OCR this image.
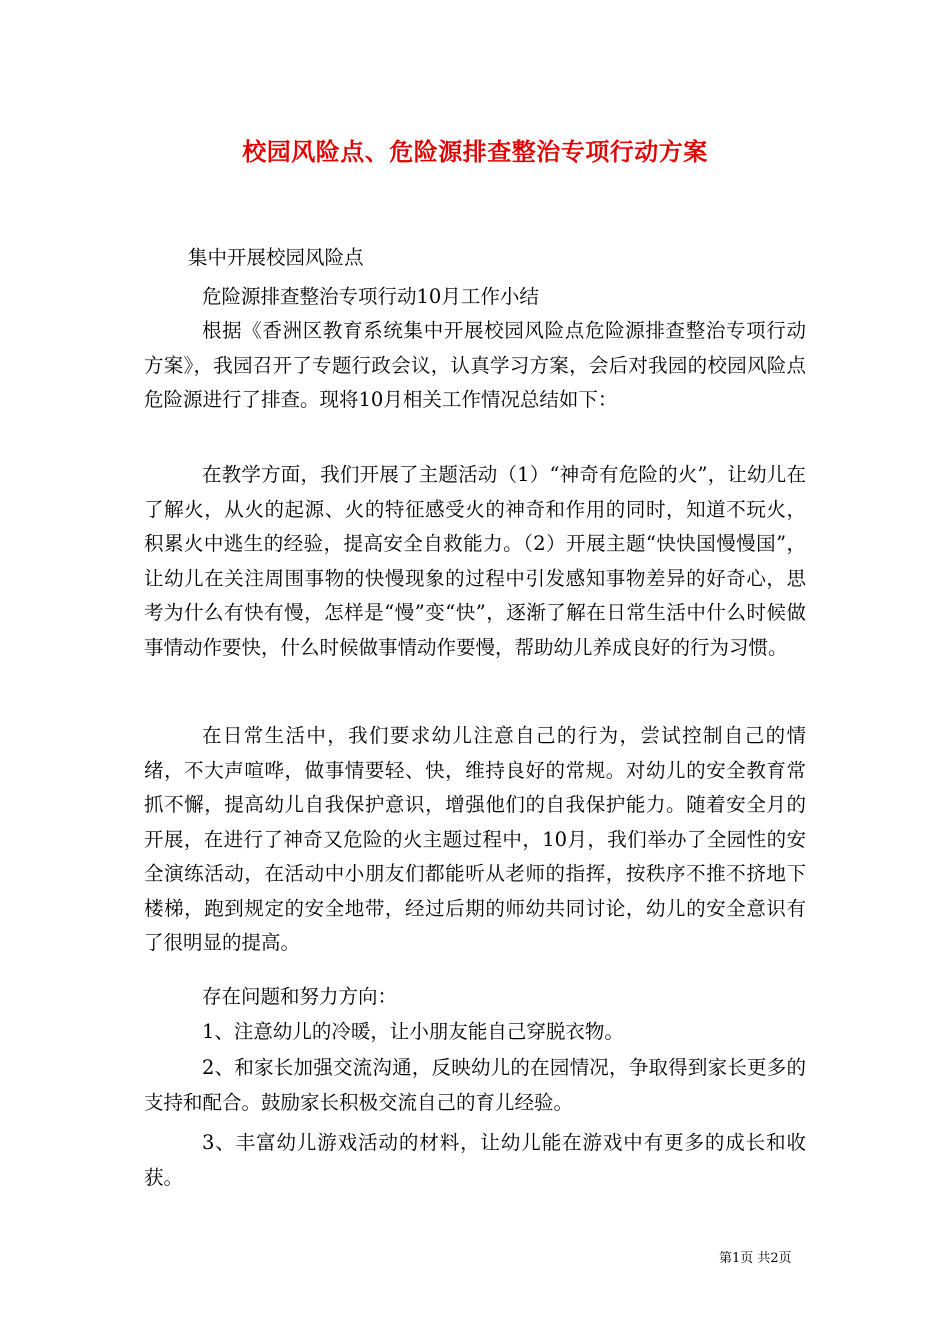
校园风险点、危险源排查整治专项行动方案

集中开展校园风险点

危险源排查整治专项行动10月工作小结

根据《香洲区教育系统集中开展校园风险点危险源排查整治专项行动方案》，我园召开了专题行政会议，认真学习方案，会后对我园的校园风险点危险源进行了排查。现将10月相关工作情况总结如下：

在教学方面，我们开展了主题活动（1）“神奇有危险的火”，让幼儿在了解火，从火的起源、火的特征感受火的神奇和作用的同时，知道不玩火，积累火中逃生的经验，提高安全自救能力。（2）开展主题“快快国慢慢国”，让幼儿在关注周围事物的快慢现象的过程中引发感知事物差异的好奇心，思考为什么有快有慢，怎样是“慢”变“快”，逐渐了解在日常生活中什么时候做事情动作要快，什么时候做事情动作要慢，帮助幼儿养成良好的行为习惯。

在日常生活中，我们要求幼儿注意自己的行为，尝试控制自己的情绪，不大声喧哗，做事情要轻、快，维持良好的常规。对幼儿的安全教育常抓不懈，提高幼儿自我保护意识，增强他们的自我保护能力。随着安全月的开展，在进行了神奇又危险的火主题过程中，10月，我们举办了全园性的安全演练活动，在活动中小朋友们都能听从老师的指挥，按秩序不推不挤地下楼梯，跑到规定的安全地带，经过后期的师幼共同讨论，幼儿的安全意识有了很明显的提高。

存在问题和努力方向：

1、注意幼儿的冷暖，让小朋友能自己穿脱衣物。

2、和家长加强交流沟通，反映幼儿的在园情况，争取得到家长更多的支持和配合。鼓励家长积极交流自己的育儿经验。

3、丰富幼儿游戏活动的材料，让幼儿能在游戏中有更多的成长和收获。

第1页 共2页
